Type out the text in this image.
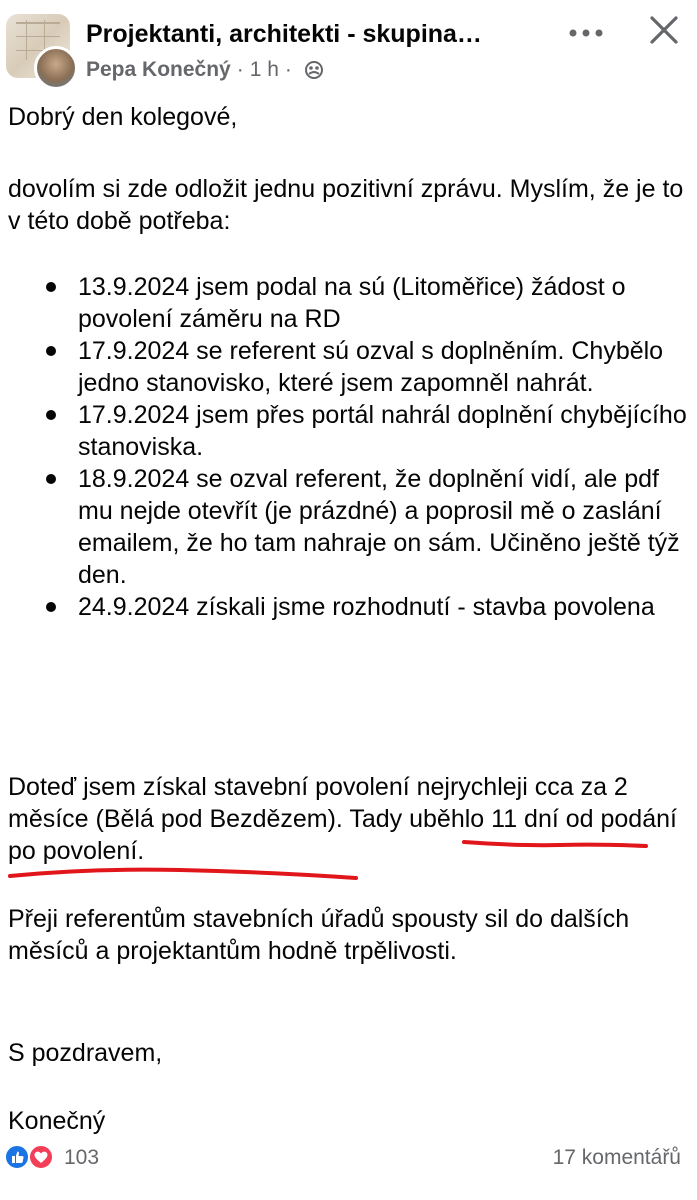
Projektanti, architekti - skupina…
Pepa Konečný · 1 h ·

Dobrý den kolegové,

dovolím si zde odložit jednu pozitivní zprávu. Myslím, že je to v této době potřeba:

13.9.2024 jsem podal na sú (Litoměřice) žádost o povolení záměru na RD
17.9.2024 se referent sú ozval s doplněním. Chybělo jedno stanovisko, které jsem zapomněl nahrát.
17.9.2024 jsem přes portál nahrál doplnění chybějícího stanoviska.
18.9.2024 se ozval referent, že doplnění vidí, ale pdf mu nejde otevřít (je prázdné) a poprosil mě o zaslání emailem, že ho tam nahraje on sám. Učiněno ještě týž den.
24.9.2024 získali jsme rozhodnutí - stavba povolena

Doteď jsem získal stavební povolení nejrychleji cca za 2 měsíce (Bělá pod Bezdězem). Tady uběhlo 11 dní od podání po povolení.

Přeji referentům stavebních úřadů spousty sil do dalších měsíců a projektantům hodně trpělivosti.

S pozdravem,

Konečný

103	17 komentářů
